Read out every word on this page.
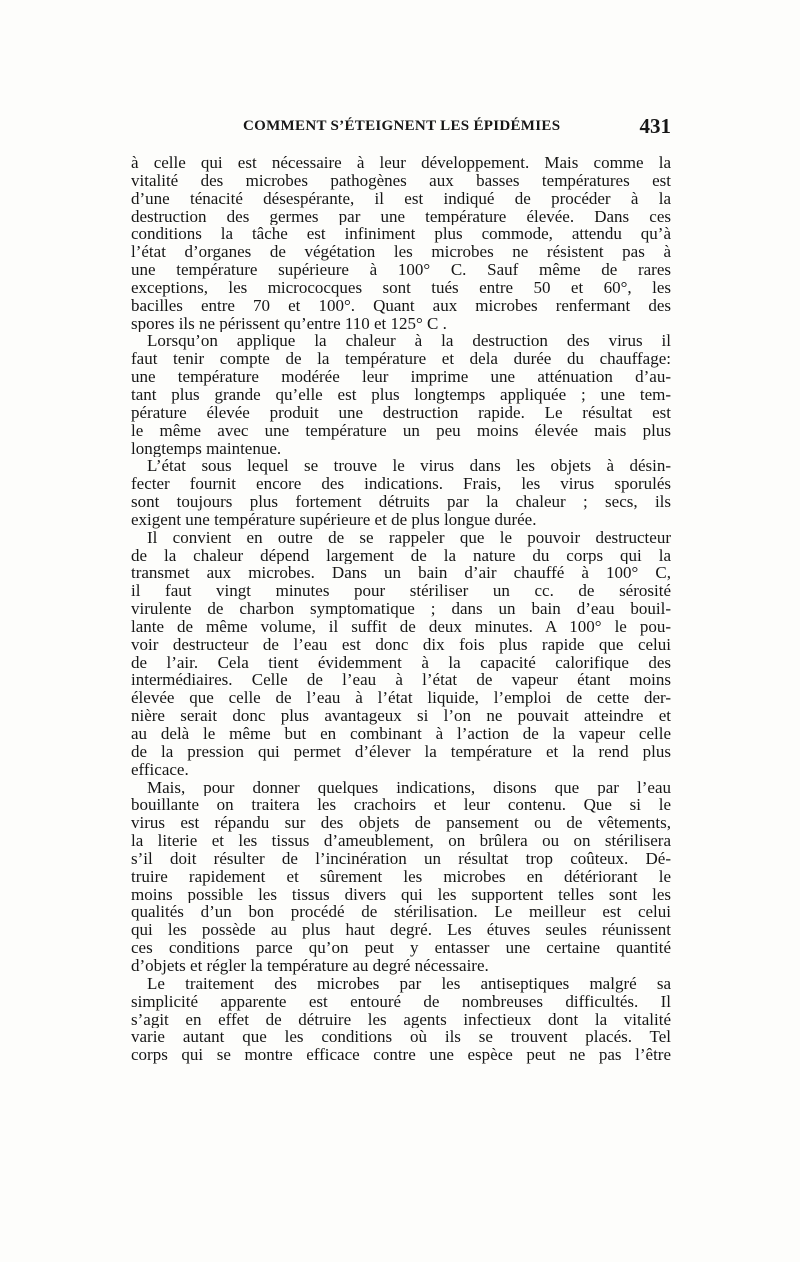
COMMENT S’ÉTEIGNENT LES ÉPIDÉMIES	431
à celle qui est nécessaire à leur développement. Mais comme la
vitalité des microbes pathogènes aux basses températures est
d’une ténacité désespérante, il est indiqué de procéder à la
destruction des germes par une température élevée. Dans ces
conditions la tâche est infiniment plus commode, attendu qu’à
l’état d’organes de végétation les microbes ne résistent pas à
une température supérieure à 100° C. Sauf même de rares
exceptions, les micrococques sont tués entre 50 et 60°, les
bacilles entre 70 et 100°. Quant aux microbes renfermant des
spores ils ne périssent qu’entre 110 et 125° C .
Lorsqu’on applique la chaleur à la destruction des virus il
faut tenir compte de la température et dela durée du chauffage:
une température modérée leur imprime une atténuation d’au-
tant plus grande qu’elle est plus longtemps appliquée ; une tem-
pérature élevée produit une destruction rapide. Le résultat est
le même avec une température un peu moins élevée mais plus
longtemps maintenue.
L’état sous lequel se trouve le virus dans les objets à désin-
fecter fournit encore des indications. Frais, les virus sporulés
sont toujours plus fortement détruits par la chaleur ; secs, ils
exigent une température supérieure et de plus longue durée.
Il convient en outre de se rappeler que le pouvoir destructeur
de la chaleur dépend largement de la nature du corps qui la
transmet aux microbes. Dans un bain d’air chauffé à 100° C,
il faut vingt minutes pour stériliser un cc. de sérosité
virulente de charbon symptomatique ; dans un bain d’eau bouil-
lante de même volume, il suffit de deux minutes. A 100° le pou-
voir destructeur de l’eau est donc dix fois plus rapide que celui
de l’air. Cela tient évidemment à la capacité calorifique des
intermédiaires. Celle de l’eau à l’état de vapeur étant moins
élevée que celle de l’eau à l’état liquide, l’emploi de cette der-
nière serait donc plus avantageux si l’on ne pouvait atteindre et
au delà le même but en combinant à l’action de la vapeur celle
de la pression qui permet d’élever la température et la rend plus
efficace.
Mais, pour donner quelques indications, disons que par l’eau
bouillante on traitera les crachoirs et leur contenu. Que si le
virus est répandu sur des objets de pansement ou de vêtements,
la literie et les tissus d’ameublement, on brûlera ou on stérilisera
s’il doit résulter de l’incinération un résultat trop coûteux. Dé-
truire rapidement et sûrement les microbes en détériorant le
moins possible les tissus divers qui les supportent telles sont les
qualités d’un bon procédé de stérilisation. Le meilleur est celui
qui les possède au plus haut degré. Les étuves seules réunissent
ces conditions parce qu’on peut y entasser une certaine quantité
d’objets et régler la température au degré nécessaire.
Le traitement des microbes par les antiseptiques malgré sa
simplicité apparente est entouré de nombreuses difficultés. Il
s’agit en effet de détruire les agents infectieux dont la vitalité
varie autant que les conditions où ils se trouvent placés. Tel
corps qui se montre efficace contre une espèce peut ne pas l’être
